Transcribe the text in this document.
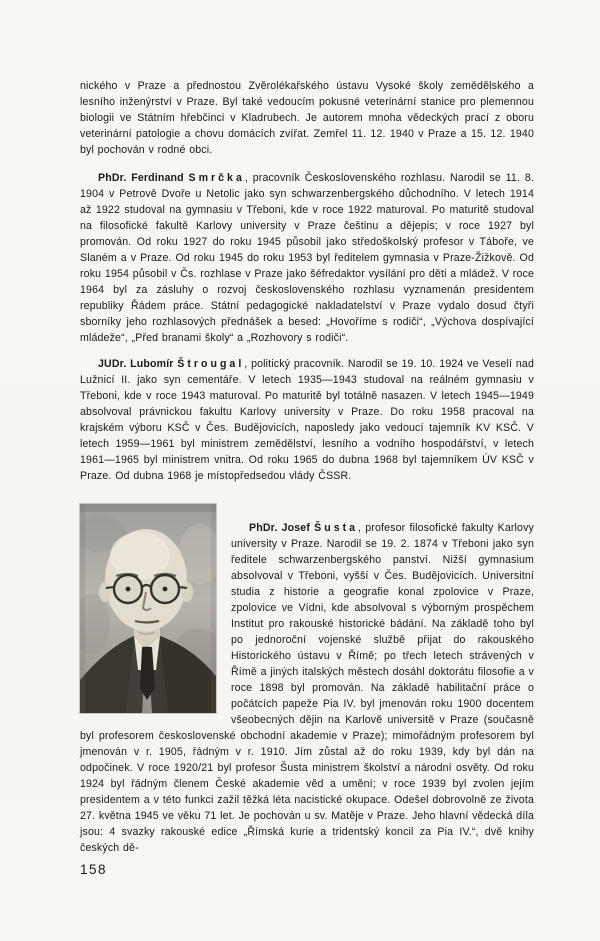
nického v Praze a přednostou Zvěrolékařského ústavu Vysoké školy zemědělského a lesního inženýrství v Praze. Byl také vedoucím pokusné veterinární stanice pro plemennou biologii ve Státním hřebčinci v Kladrubech. Je autorem mnoha vědeckých prací z oboru veterinární patologie a chovu domácích zvířat. Zemřel 11. 12. 1940 v Praze a 15. 12. 1940 byl pochován v rodné obci.

PhDr. Ferdinand Smrčka, pracovník Československého rozhlasu. Narodil se 11. 8. 1904 v Petrově Dvoře u Netolic jako syn schwarzenbergského důchodního. V letech 1914 až 1922 studoval na gymnasiu v Třeboni, kde v roce 1922 maturoval. Po maturitě studoval na filosofické fakultě Karlovy university v Praze češtinu a dějepis; v roce 1927 byl promován. Od roku 1927 do roku 1945 působil jako středoškolský profesor v Táboře, ve Slaném a v Praze. Od roku 1945 do roku 1953 byl ředitelem gymnasia v Praze-Žižkově. Od roku 1954 působil v Čs. rozhlase v Praze jako šéfredaktor vysílání pro děti a mládež. V roce 1964 byl za zásluhy o rozvoj československého rozhlasu vyznamenán presidentem republiky Řádem práce. Státní pedagogické nakladatelství v Praze vydalo dosud čtyři sborníky jeho rozhlasových přednášek a besed: „Hovoříme s rodiči“, „Výchova dospívající mládeže“, „Před branami školy“ a „Rozhovory s rodiči“.

JUDr. Lubomír Štrougal, politický pracovník. Narodil se 19. 10. 1924 ve Veselí nad Lužnicí II. jako syn cementáře. V letech 1935—1943 studoval na reálném gymnasiu v Třeboni, kde v roce 1943 maturoval. Po maturitě byl totálně nasazen. V letech 1945—1949 absolvoval právnickou fakultu Karlovy university v Praze. Do roku 1958 pracoval na krajském výboru KSČ v Čes. Budějovicích, naposledy jako vedoucí tajemník KV KSČ. V letech 1959—1961 byl ministrem zemědělství, lesního a vodního hospodářství, v letech 1961—1965 byl ministrem vnitra. Od roku 1965 do dubna 1968 byl tajemníkem ÚV KSČ v Praze. Od dubna 1968 je místopředsedou vlády ČSSR.

PhDr. Josef Šusta, profesor filosofické fakulty Karlovy university v Praze. Narodil se 19. 2. 1874 v Třeboni jako syn ředitele schwarzenbergského panství. Nižší gymnasium absolvoval v Třeboni, vyšší v Čes. Budějovicích. Universitní studia z historie a geografie konal zpolovice v Praze, zpolovice ve Vídni, kde absolvoval s výborným prospěchem Institut pro rakouské historické bádání. Na základě toho byl po jednoroční vojenské službě přijat do rakouského Historického ústavu v Římě; po třech letech strávených v Římě a jiných italských městech dosáhl doktorátu filosofie a v roce 1898 byl promován. Na základě habilitační práce o počátcích papeže Pia IV. byl jmenován roku 1900 docentem všeobecných dějin na Karlově universitě v Praze (současně byl profesorem československé obchodní akademie v Praze); mimořádným profesorem byl jmenován v r. 1905, řádným v r. 1910. Jím zůstal až do roku 1939, kdy byl dán na odpočinek. V roce 1920/21 byl profesor Šusta ministrem školství a národní osvěty. Od roku 1924 byl řádným členem České akademie věd a umění; v roce 1939 byl zvolen jejím presidentem a v této funkci zažil těžká léta nacistické okupace. Odešel dobrovolně ze života 27. května 1945 ve věku 71 let. Je pochován u sv. Matěje v Praze. Jeho hlavní vědecká díla jsou: 4 svazky rakouské edice „Římská kurie a tridentský koncil za Pia IV.“, dvě knihy českých dě-

158
